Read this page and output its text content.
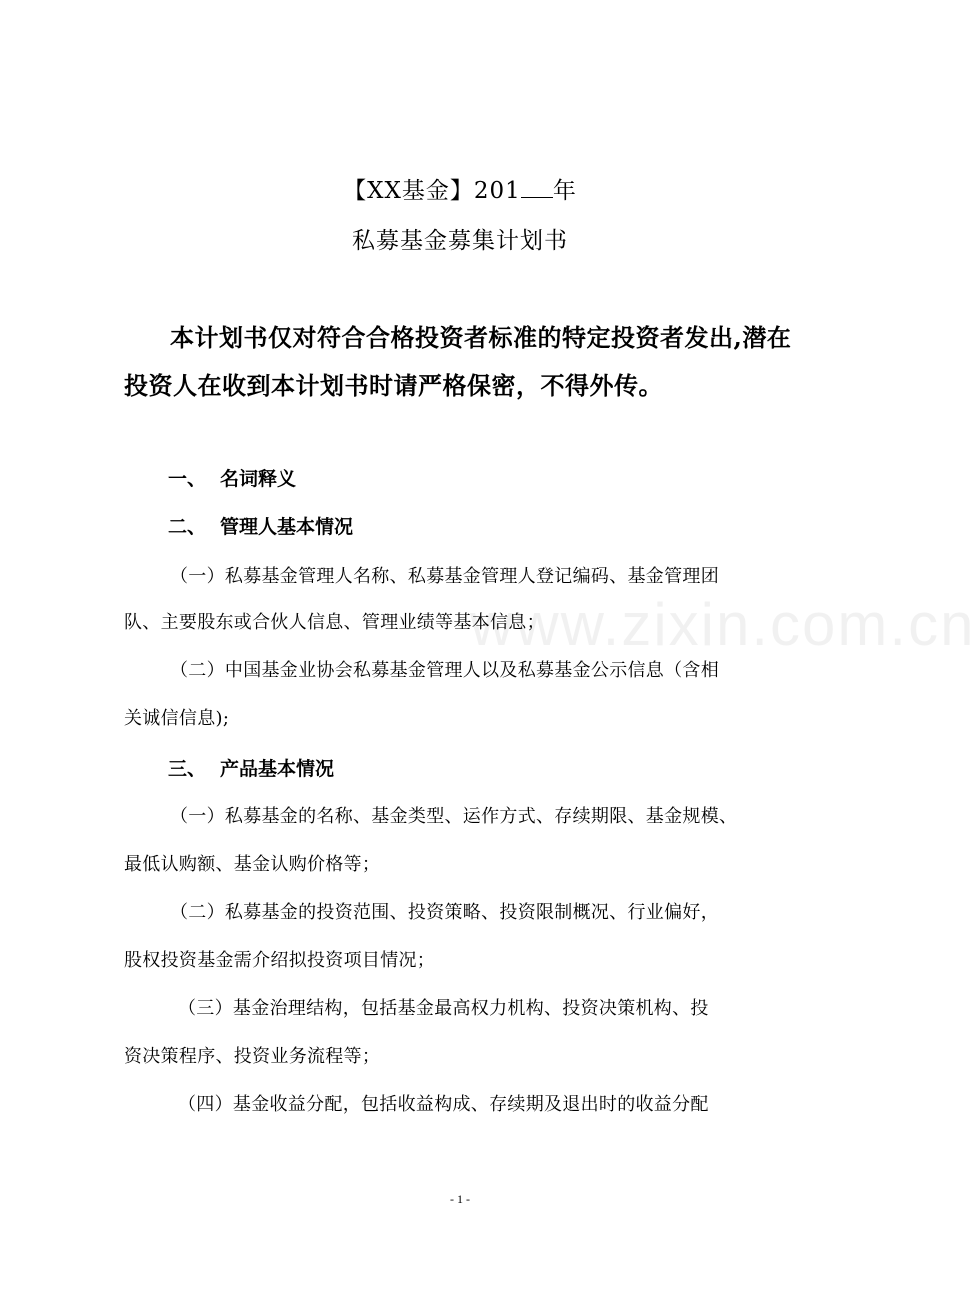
【XX基金】201 年
私募基金募集计划书
本计划书仅对符合合格投资者标准的特定投资者发出,潜在
投资人在收到本计划书时请严格保密，不得外传。
一、 名词释义
二、 管理人基本情况
（一）私募基金管理人名称、私募基金管理人登记编码、基金管理团
队、主要股东或合伙人信息、管理业绩等基本信息；
（二）中国基金业协会私募基金管理人以及私募基金公示信息（含相
关诚信信息);
三、 产品基本情况
（一）私募基金的名称、基金类型、运作方式、存续期限、基金规模、
最低认购额、基金认购价格等；
（二）私募基金的投资范围、投资策略、投资限制概况、行业偏好，
股权投资基金需介绍拟投资项目情况；
（三）基金治理结构，包括基金最高权力机构、投资决策机构、投
资决策程序、投资业务流程等；
（四）基金收益分配，包括收益构成、存续期及退出时的收益分配
www.zixin.com.cn
- 1 -
